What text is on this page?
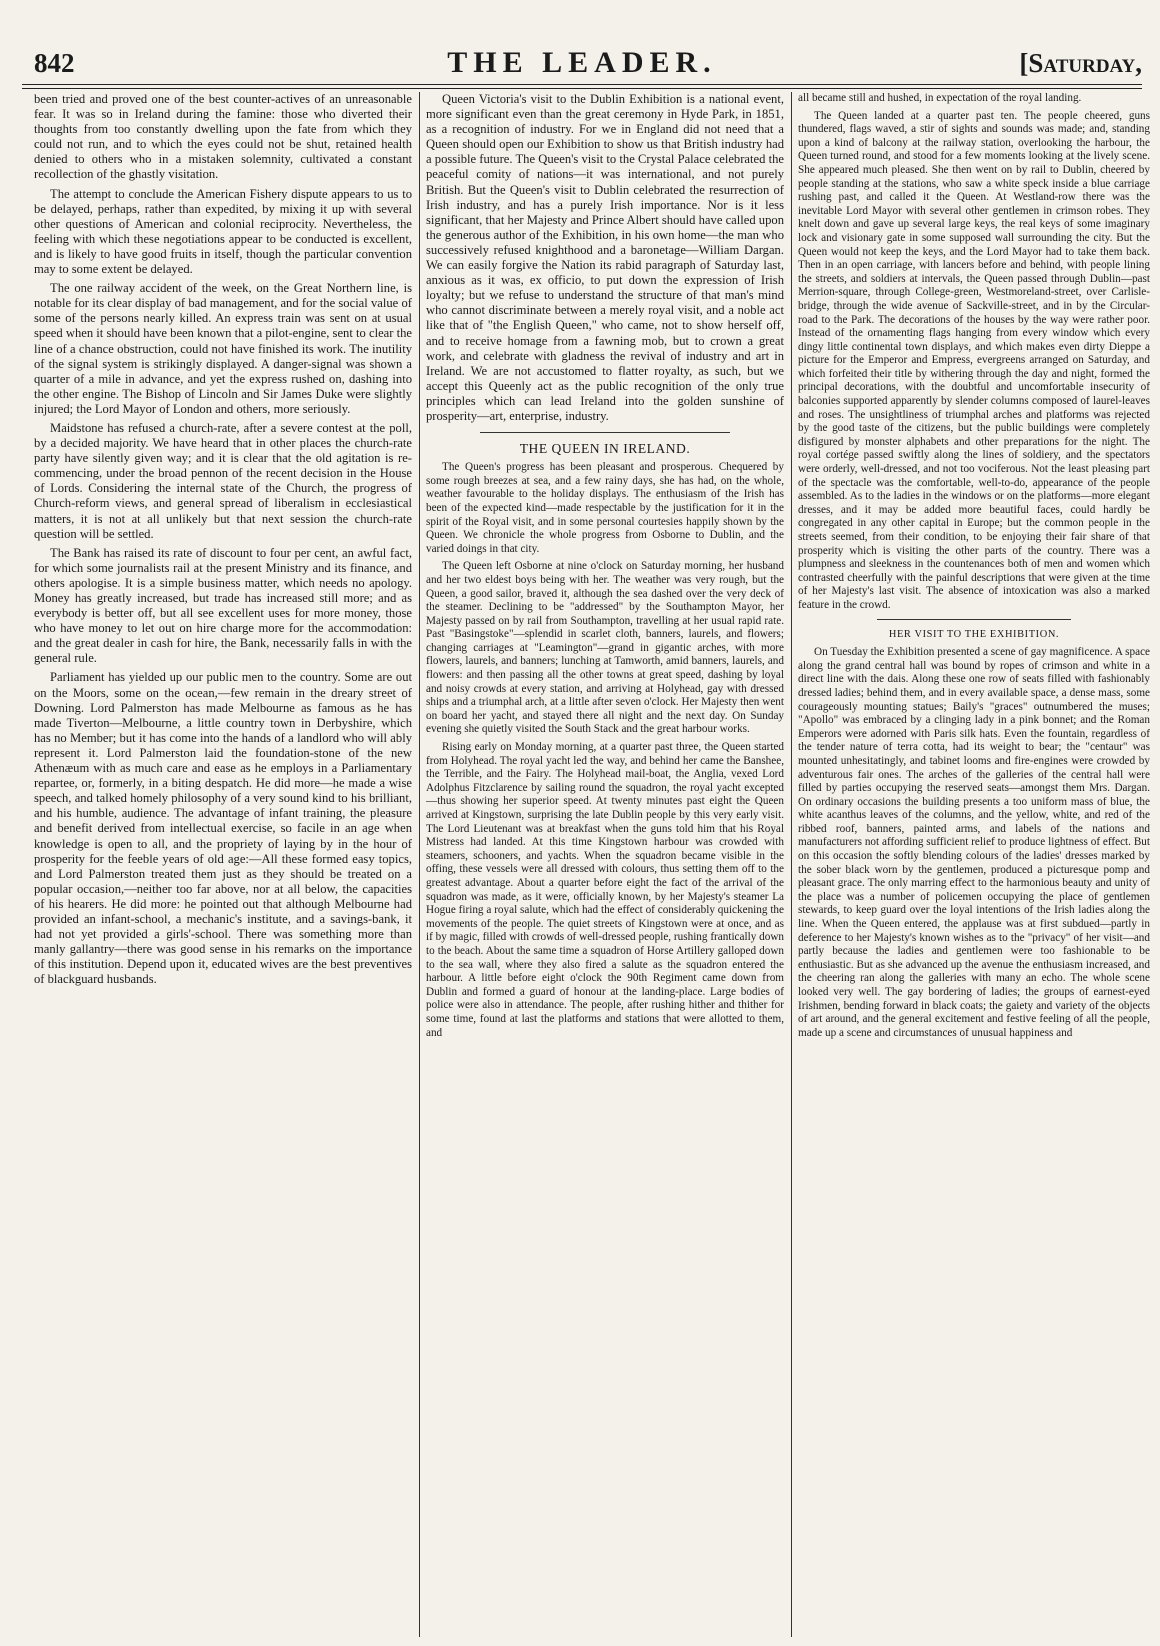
842	THE LEADER.	[Saturday,

been tried and proved one of the best counter-actives of an unreasonable fear. It was so in Ireland during the famine: those who diverted their thoughts from too constantly dwelling upon the fate from which they could not run, and to which the eyes could not be shut, retained health denied to others who in a mistaken solemnity, cultivated a constant recollection of the ghastly visitation.

The attempt to conclude the American Fishery dispute appears to us to be delayed, perhaps, rather than expedited, by mixing it up with several other questions of American and colonial reciprocity. Nevertheless, the feeling with which these negotiations appear to be conducted is excellent, and is likely to have good fruits in itself, though the particular convention may to some extent be delayed.

The one railway accident of the week, on the Great Northern line, is notable for its clear display of bad management, and for the social value of some of the persons nearly killed. An express train was sent on at usual speed when it should have been known that a pilot-engine, sent to clear the line of a chance obstruction, could not have finished its work. The inutility of the signal system is strikingly displayed. A danger-signal was shown a quarter of a mile in advance, and yet the express rushed on, dashing into the other engine. The Bishop of Lincoln and Sir James Duke were slightly injured; the Lord Mayor of London and others, more seriously.

Maidstone has refused a church-rate, after a severe contest at the poll, by a decided majority. We have heard that in other places the church-rate party have silently given way; and it is clear that the old agitation is re-commencing, under the broad pennon of the recent decision in the House of Lords. Considering the internal state of the Church, the progress of Church-reform views, and general spread of liberalism in ecclesiastical matters, it is not at all unlikely but that next session the church-rate question will be settled.

The Bank has raised its rate of discount to four per cent, an awful fact, for which some journalists rail at the present Ministry and its finance, and others apologise. It is a simple business matter, which needs no apology. Money has greatly increased, but trade has increased still more; and as everybody is better off, but all see excellent uses for more money, those who have money to let out on hire charge more for the accommodation: and the great dealer in cash for hire, the Bank, necessarily falls in with the general rule.

Parliament has yielded up our public men to the country. Some are out on the Moors, some on the ocean,—few remain in the dreary street of Downing. Lord Palmerston has made Melbourne as famous as he has made Tiverton—Melbourne, a little country town in Derbyshire, which has no Member; but it has come into the hands of a landlord who will ably represent it. Lord Palmerston laid the foundation-stone of the new Athenæum with as much care and ease as he employs in a Parliamentary repartee, or, formerly, in a biting despatch. He did more—he made a wise speech, and talked homely philosophy of a very sound kind to his brilliant, and his humble, audience. The advantage of infant training, the pleasure and benefit derived from intellectual exercise, so facile in an age when knowledge is open to all, and the propriety of laying by in the hour of prosperity for the feeble years of old age:—All these formed easy topics, and Lord Palmerston treated them just as they should be treated on a popular occasion,—neither too far above, nor at all below, the capacities of his hearers. He did more: he pointed out that although Melbourne had provided an infant-school, a mechanic's institute, and a savings-bank, it had not yet provided a girls'-school. There was something more than manly gallantry—there was good sense in his remarks on the importance of this institution. Depend upon it, educated wives are the best preventives of blackguard husbands.

Queen Victoria's visit to the Dublin Exhibition is a national event, more significant even than the great ceremony in Hyde Park, in 1851, as a recognition of industry. For we in England did not need that a Queen should open our Exhibition to show us that British industry had a possible future. The Queen's visit to the Crystal Palace celebrated the peaceful comity of nations—it was international, and not purely British. But the Queen's visit to Dublin celebrated the resurrection of Irish industry, and has a purely Irish importance. Nor is it less significant, that her Majesty and Prince Albert should have called upon the generous author of the Exhibition, in his own home—the man who successively refused knighthood and a baronetage—William Dargan. We can easily forgive the Nation its rabid paragraph of Saturday last, anxious as it was, ex officio, to put down the expression of Irish loyalty; but we refuse to understand the structure of that man's mind who cannot discriminate between a merely royal visit, and a noble act like that of "the English Queen," who came, not to show herself off, and to receive homage from a fawning mob, but to crown a great work, and celebrate with gladness the revival of industry and art in Ireland. We are not accustomed to flatter royalty, as such, but we accept this Queenly act as the public recognition of the only true principles which can lead Ireland into the golden sunshine of prosperity—art, enterprise, industry.

THE QUEEN IN IRELAND.

The Queen's progress has been pleasant and prosperous. Chequered by some rough breezes at sea, and a few rainy days, she has had, on the whole, weather favourable to the holiday displays. The enthusiasm of the Irish has been of the expected kind—made respectable by the justification for it in the spirit of the Royal visit, and in some personal courtesies happily shown by the Queen. We chronicle the whole progress from Osborne to Dublin, and the varied doings in that city.

The Queen left Osborne at nine o'clock on Saturday morning, her husband and her two eldest boys being with her. The weather was very rough, but the Queen, a good sailor, braved it, although the sea dashed over the very deck of the steamer. Declining to be "addressed" by the Southampton Mayor, her Majesty passed on by rail from Southampton, travelling at her usual rapid rate. Past "Basingstoke"—splendid in scarlet cloth, banners, laurels, and flowers; changing carriages at "Leamington"—grand in gigantic arches, with more flowers, laurels, and banners; lunching at Tamworth, amid banners, laurels, and flowers: and then passing all the other towns at great speed, dashing by loyal and noisy crowds at every station, and arriving at Holyhead, gay with dressed ships and a triumphal arch, at a little after seven o'clock. Her Majesty then went on board her yacht, and stayed there all night and the next day. On Sunday evening she quietly visited the South Stack and the great harbour works.

Rising early on Monday morning, at a quarter past three, the Queen started from Holyhead. The royal yacht led the way, and behind her came the Banshee, the Terrible, and the Fairy. The Holyhead mail-boat, the Anglia, vexed Lord Adolphus Fitzclarence by sailing round the squadron, the royal yacht excepted—thus showing her superior speed. At twenty minutes past eight the Queen arrived at Kingstown, surprising the late Dublin people by this very early visit. The Lord Lieutenant was at breakfast when the guns told him that his Royal Mistress had landed. At this time Kingstown harbour was crowded with steamers, schooners, and yachts. When the squadron became visible in the offing, these vessels were all dressed with colours, thus setting them off to the greatest advantage. About a quarter before eight the fact of the arrival of the squadron was made, as it were, officially known, by her Majesty's steamer La Hogue firing a royal salute, which had the effect of considerably quickening the movements of the people. The quiet streets of Kingstown were at once, and as if by magic, filled with crowds of well-dressed people, rushing frantically down to the beach. About the same time a squadron of Horse Artillery galloped down to the sea wall, where they also fired a salute as the squadron entered the harbour. A little before eight o'clock the 90th Regiment came down from Dublin and formed a guard of honour at the landing-place. Large bodies of police were also in attendance. The people, after rushing hither and thither for some time, found at last the platforms and stations that were allotted to them, and

all became still and hushed, in expectation of the royal landing.

The Queen landed at a quarter past ten. The people cheered, guns thundered, flags waved, a stir of sights and sounds was made; and, standing upon a kind of balcony at the railway station, overlooking the harbour, the Queen turned round, and stood for a few moments looking at the lively scene. She appeared much pleased. She then went on by rail to Dublin, cheered by people standing at the stations, who saw a white speck inside a blue carriage rushing past, and called it the Queen. At Westland-row there was the inevitable Lord Mayor with several other gentlemen in crimson robes. They knelt down and gave up several large keys, the real keys of some imaginary lock and visionary gate in some supposed wall surrounding the city. But the Queen would not keep the keys, and the Lord Mayor had to take them back. Then in an open carriage, with lancers before and behind, with people lining the streets, and soldiers at intervals, the Queen passed through Dublin—past Merrion-square, through College-green, Westmoreland-street, over Carlisle-bridge, through the wide avenue of Sackville-street, and in by the Circular-road to the Park. The decorations of the houses by the way were rather poor. Instead of the ornamenting flags hanging from every window which every dingy little continental town displays, and which makes even dirty Dieppe a picture for the Emperor and Empress, evergreens arranged on Saturday, and which forfeited their title by withering through the day and night, formed the principal decorations, with the doubtful and uncomfortable insecurity of balconies supported apparently by slender columns composed of laurel-leaves and roses. The unsightliness of triumphal arches and platforms was rejected by the good taste of the citizens, but the public buildings were completely disfigured by monster alphabets and other preparations for the night. The royal cortége passed swiftly along the lines of soldiery, and the spectators were orderly, well-dressed, and not too vociferous. Not the least pleasing part of the spectacle was the comfortable, well-to-do, appearance of the people assembled. As to the ladies in the windows or on the platforms—more elegant dresses, and it may be added more beautiful faces, could hardly be congregated in any other capital in Europe; but the common people in the streets seemed, from their condition, to be enjoying their fair share of that prosperity which is visiting the other parts of the country. There was a plumpness and sleekness in the countenances both of men and women which contrasted cheerfully with the painful descriptions that were given at the time of her Majesty's last visit. The absence of intoxication was also a marked feature in the crowd.

HER VISIT TO THE EXHIBITION.

On Tuesday the Exhibition presented a scene of gay magnificence. A space along the grand central hall was bound by ropes of crimson and white in a direct line with the dais. Along these one row of seats filled with fashionably dressed ladies; behind them, and in every available space, a dense mass, some courageously mounting statues; Baily's "graces" outnumbered the muses; "Apollo" was embraced by a clinging lady in a pink bonnet; and the Roman Emperors were adorned with Paris silk hats. Even the fountain, regardless of the tender nature of terra cotta, had its weight to bear; the "centaur" was mounted unhesitatingly, and tabinet looms and fire-engines were crowded by adventurous fair ones. The arches of the galleries of the central hall were filled by parties occupying the reserved seats—amongst them Mrs. Dargan. On ordinary occasions the building presents a too uniform mass of blue, the white acanthus leaves of the columns, and the yellow, white, and red of the ribbed roof, banners, painted arms, and labels of the nations and manufacturers not affording sufficient relief to produce lightness of effect. But on this occasion the softly blending colours of the ladies' dresses marked by the sober black worn by the gentlemen, produced a picturesque pomp and pleasant grace. The only marring effect to the harmonious beauty and unity of the place was a number of policemen occupying the place of gentlemen stewards, to keep guard over the loyal intentions of the Irish ladies along the line. When the Queen entered, the applause was at first subdued—partly in deference to her Majesty's known wishes as to the "privacy" of her visit—and partly because the ladies and gentlemen were too fashionable to be enthusiastic. But as she advanced up the avenue the enthusiasm increased, and the cheering ran along the galleries with many an echo. The whole scene looked very well. The gay bordering of ladies; the groups of earnest-eyed Irishmen, bending forward in black coats; the gaiety and variety of the objects of art around, and the general excitement and festive feeling of all the people, made up a scene and circumstances of unusual happiness and
